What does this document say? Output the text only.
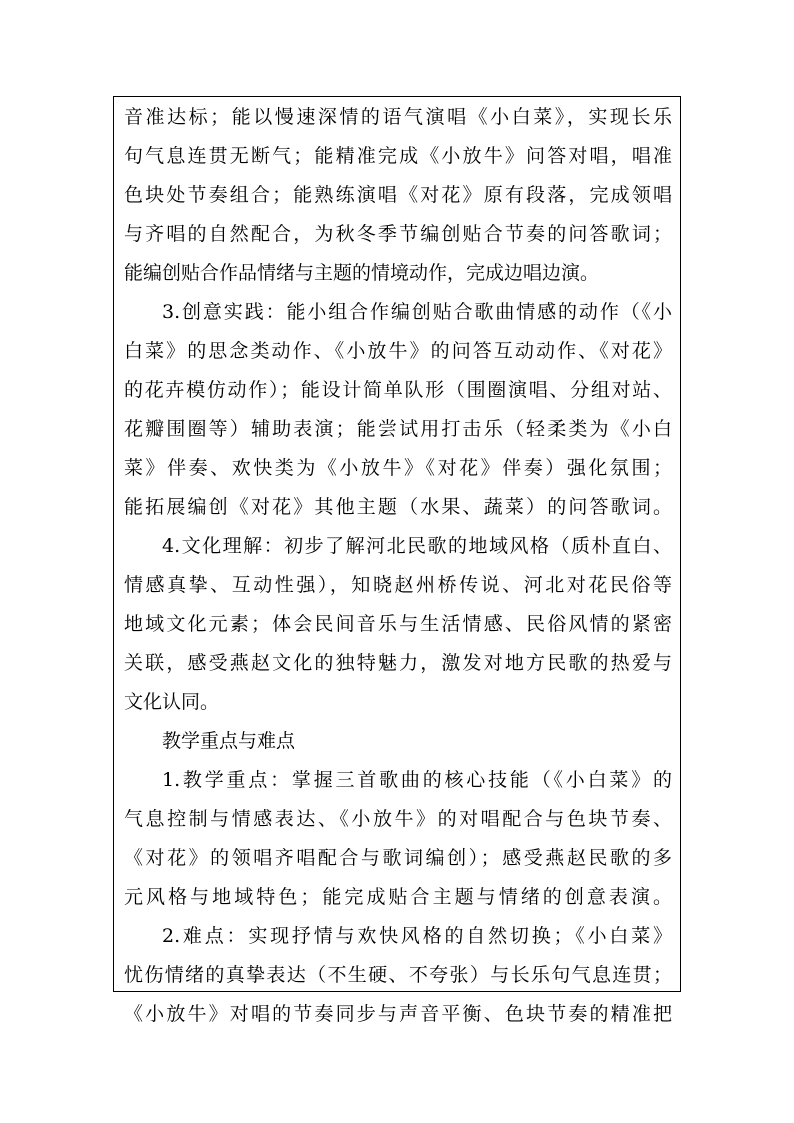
音准达标；能以慢速深情的语气演唱《小白菜》，实现长乐
句气息连贯无断气；能精准完成《小放牛》问答对唱，唱准
色块处节奏组合；能熟练演唱《对花》原有段落，完成领唱
与齐唱的自然配合，为秋冬季节编创贴合节奏的问答歌词；
能编创贴合作品情绪与主题的情境动作，完成边唱边演。
3.创意实践：能小组合作编创贴合歌曲情感的动作（《小
白菜》的思念类动作、《小放牛》的问答互动动作、《对花》
的花卉模仿动作）；能设计简单队形（围圈演唱、分组对站、
花瓣围圈等）辅助表演；能尝试用打击乐（轻柔类为《小白
菜》伴奏、欢快类为《小放牛》《对花》伴奏）强化氛围；
能拓展编创《对花》其他主题（水果、蔬菜）的问答歌词。
4.文化理解：初步了解河北民歌的地域风格（质朴直白、
情感真挚、互动性强），知晓赵州桥传说、河北对花民俗等
地域文化元素；体会民间音乐与生活情感、民俗风情的紧密
关联，感受燕赵文化的独特魅力，激发对地方民歌的热爱与
文化认同。
教学重点与难点
1.教学重点：掌握三首歌曲的核心技能（《小白菜》的
气息控制与情感表达、《小放牛》的对唱配合与色块节奏、
《对花》的领唱齐唱配合与歌词编创）；感受燕赵民歌的多
元风格与地域特色；能完成贴合主题与情绪的创意表演。
2.难点：实现抒情与欢快风格的自然切换；《小白菜》
忧伤情绪的真挚表达（不生硬、不夸张）与长乐句气息连贯；
《小放牛》对唱的节奏同步与声音平衡、色块节奏的精准把
